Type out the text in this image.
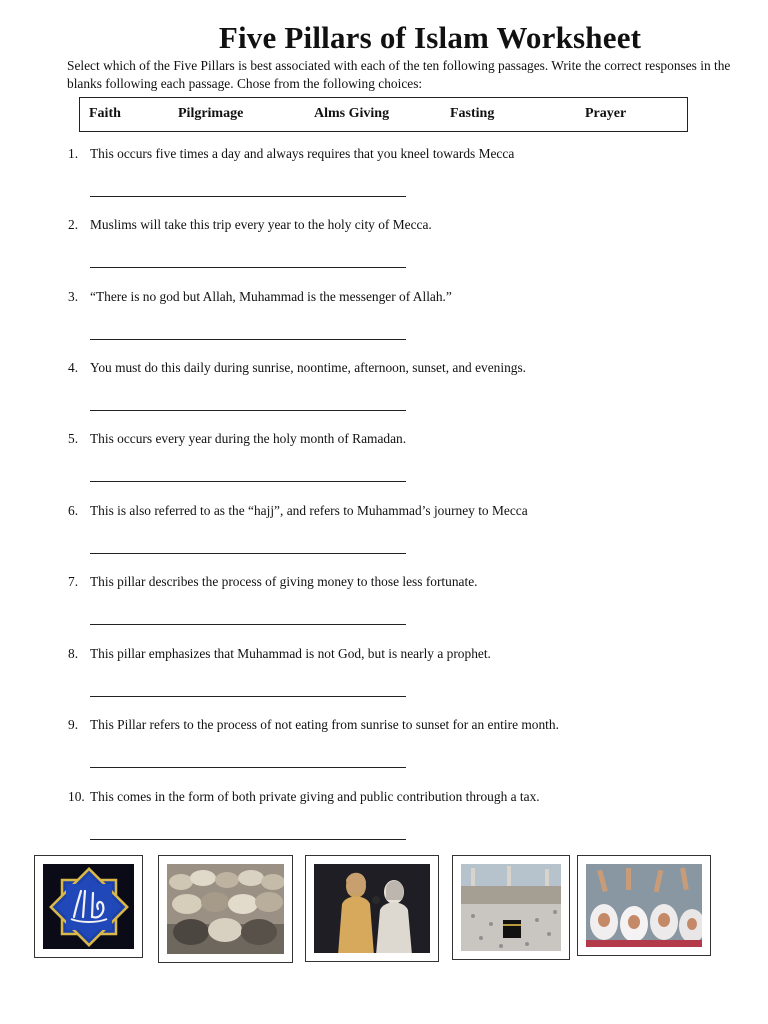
Five Pillars of Islam Worksheet
Select which of the Five Pillars is best associated with each of the ten following passages. Write the correct responses in the blanks following each passage. Chose from the following choices:
Faith	Pilgrimage	Alms Giving	Fasting	Prayer
1. This occurs five times a day and always requires that you kneel towards Mecca
2. Muslims will take this trip every year to the holy city of Mecca.
3. “There is no god but Allah, Muhammad is the messenger of Allah.”
4. You must do this daily during sunrise, noontime, afternoon, sunset, and evenings.
5. This occurs every year during the holy month of Ramadan.
6. This is also referred to as the “hajj”, and refers to Muhammad’s journey to Mecca
7. This pillar describes the process of giving money to those less fortunate.
8. This pillar emphasizes that Muhammad is not God, but is nearly a prophet.
9. This Pillar refers to the process of not eating from sunrise to sunset for an entire month.
10. This comes in the form of both private giving and public contribution through a tax.
